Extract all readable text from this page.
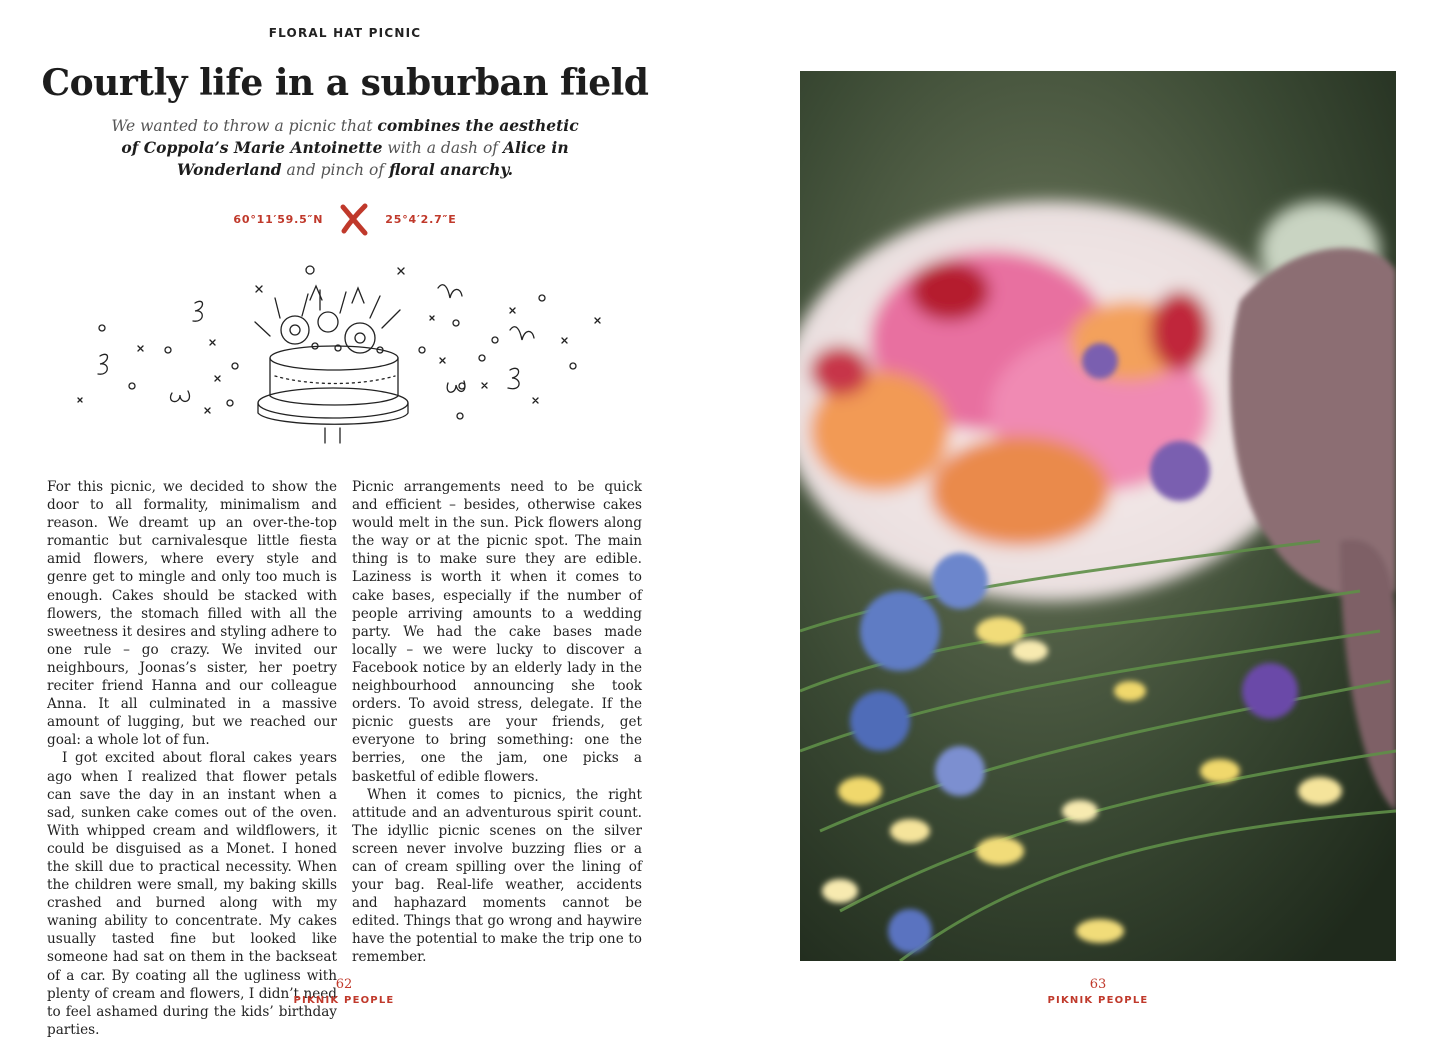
FLORAL HAT PICNIC
Courtly life in a suburban field

We wanted to throw a picnic that combines the aesthetic of Coppola’s Marie Antoinette with a dash of Alice in Wonderland and pinch of floral anarchy.

60°11′59.5″N	25°4′2.7″E

For this picnic, we decided to show the door to all formality, minimalism and reason. We dreamt up an over-the-top romantic but carnivalesque little fiesta amid flowers, where every style and genre get to mingle and only too much is enough. Cakes should be stacked with flowers, the stomach filled with all the sweetness it desires and styling adhere to one rule – go crazy. We invited our neighbours, Joonas’s sister, her poetry reciter friend Hanna and our colleague Anna. It all culminated in a massive amount of lugging, but we reached our goal: a whole lot of fun.

I got excited about floral cakes years ago when I realized that flower petals can save the day in an instant when a sad, sunken cake comes out of the oven. With whipped cream and wildflowers, it could be disguised as a Monet. I honed the skill due to practical necessity. When the children were small, my baking skills crashed and burned along with my waning ability to concentrate. My cakes usually tasted fine but looked like someone had sat on them in the backseat of a car. By coating all the ugliness with plenty of cream and flowers, I didn’t need to feel ashamed during the kids’ birthday parties.

Picnic arrangements need to be quick and efficient – besides, otherwise cakes would melt in the sun. Pick flowers along the way or at the picnic spot. The main thing is to make sure they are edible. Laziness is worth it when it comes to cake bases, especially if the number of people arriving amounts to a wedding party. We had the cake bases made locally – we were lucky to discover a Facebook notice by an elderly lady in the neighbourhood announcing she took orders. To avoid stress, delegate. If the picnic guests are your friends, get everyone to bring something: one the berries, one the jam, one picks a basketful of edible flowers.

When it comes to picnics, the right attitude and an adventurous spirit count. The idyllic picnic scenes on the silver screen never involve buzzing flies or a can of cream spilling over the lining of your bag. Real-life weather, accidents and haphazard moments cannot be edited. Things that go wrong and haywire have the potential to make the trip one to remember.

62
PIKNIK PEOPLE
63
PIKNIK PEOPLE
